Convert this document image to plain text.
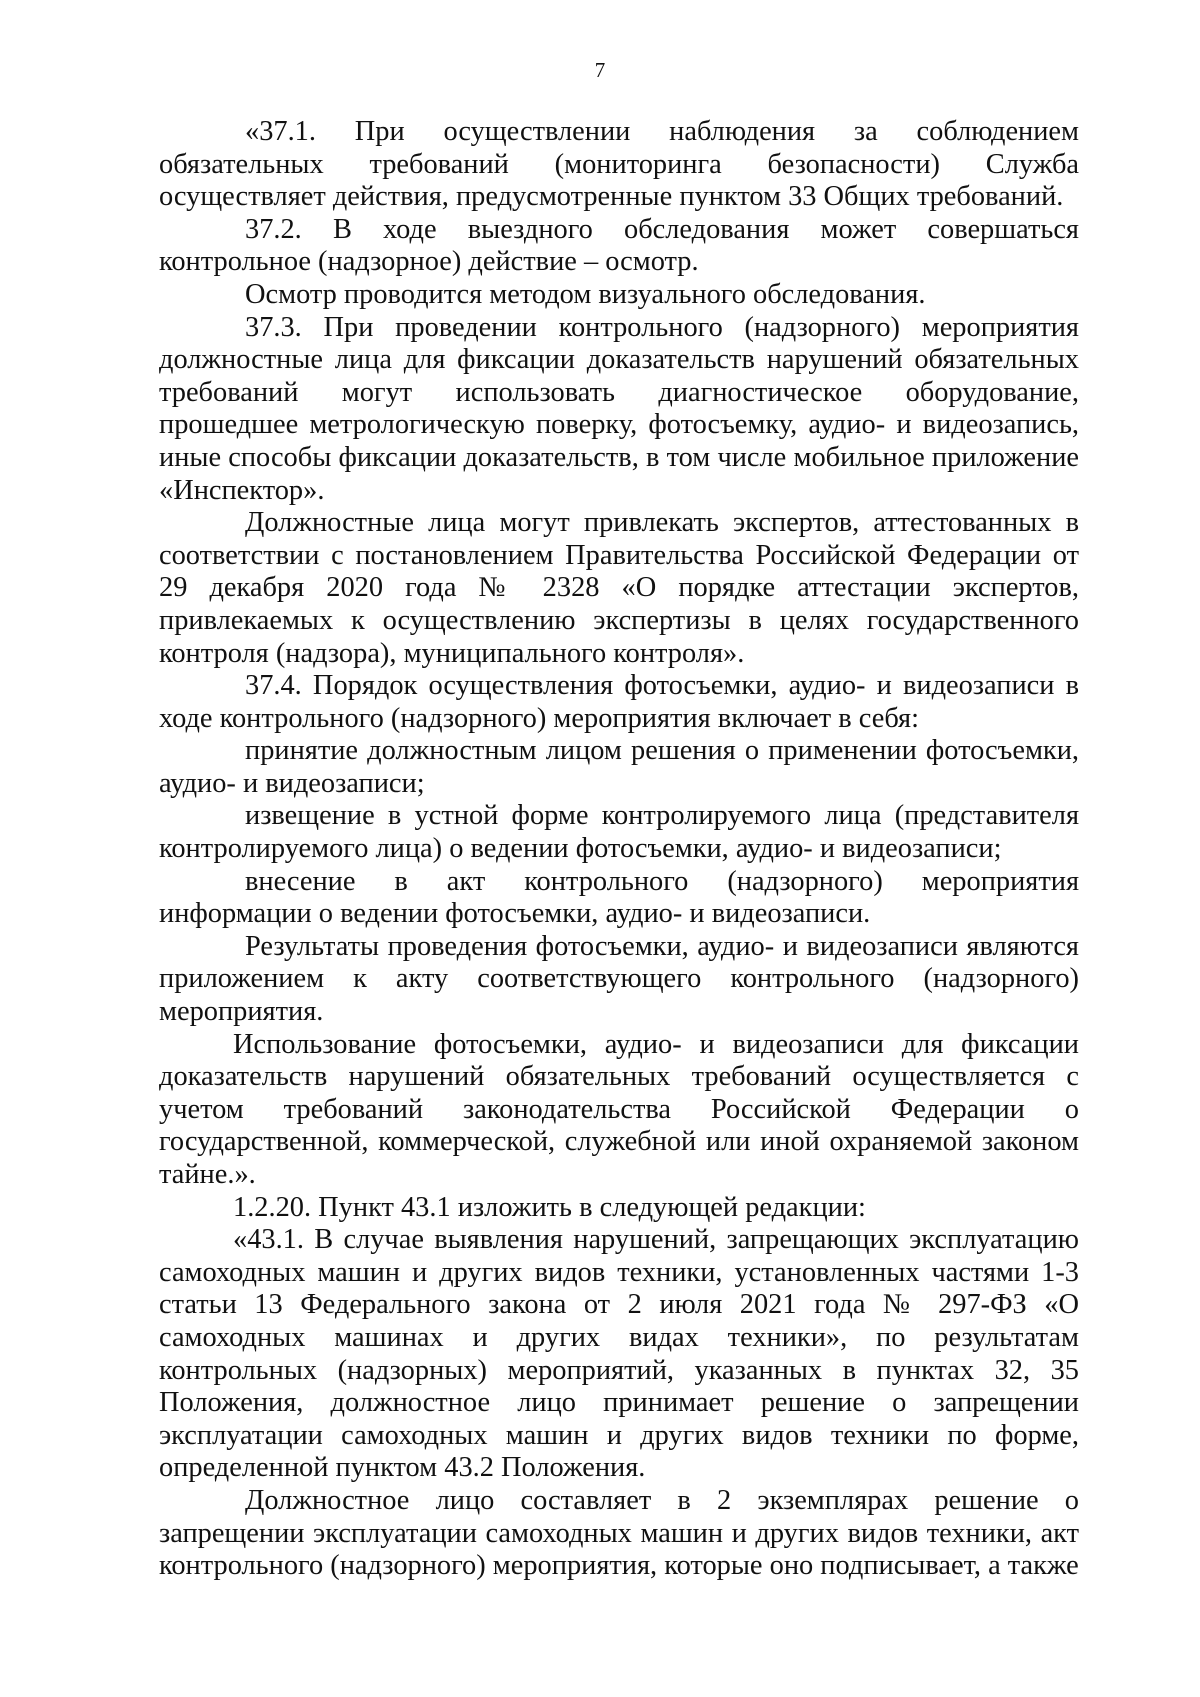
7

«37.1. При осуществлении наблюдения за соблюдением обязательных требований (мониторинга безопасности) Служба осуществляет действия, предусмотренные пунктом 33 Общих требований.

37.2. В ходе выездного обследования может совершаться контрольное (надзорное) действие – осмотр.

Осмотр проводится методом визуального обследования.

37.3. При проведении контрольного (надзорного) мероприятия должностные лица для фиксации доказательств нарушений обязательных требований могут использовать диагностическое оборудование, прошедшее метрологическую поверку, фотосъемку, аудио- и видеозапись, иные способы фиксации доказательств, в том числе мобильное приложение «Инспектор».

Должностные лица могут привлекать экспертов, аттестованных в соответствии с постановлением Правительства Российской Федерации от 29 декабря 2020 года № 2328 «О порядке аттестации экспертов, привлекаемых к осуществлению экспертизы в целях государственного контроля (надзора), муниципального контроля».

37.4. Порядок осуществления фотосъемки, аудио- и видеозаписи в ходе контрольного (надзорного) мероприятия включает в себя:

принятие должностным лицом решения о применении фотосъемки, аудио- и видеозаписи;

извещение в устной форме контролируемого лица (представителя контролируемого лица) о ведении фотосъемки, аудио- и видеозаписи;

внесение в акт контрольного (надзорного) мероприятия информации о ведении фотосъемки, аудио- и видеозаписи.

Результаты проведения фотосъемки, аудио- и видеозаписи являются приложением к акту соответствующего контрольного (надзорного) мероприятия.

Использование фотосъемки, аудио- и видеозаписи для фиксации доказательств нарушений обязательных требований осуществляется с учетом требований законодательства Российской Федерации о государственной, коммерческой, служебной или иной охраняемой законом тайне.».

1.2.20. Пункт 43.1 изложить в следующей редакции:

«43.1. В случае выявления нарушений, запрещающих эксплуатацию самоходных машин и других видов техники, установленных частями 1-3 статьи 13 Федерального закона от 2 июля 2021 года № 297-ФЗ «О самоходных машинах и других видах техники», по результатам контрольных (надзорных) мероприятий, указанных в пунктах 32, 35 Положения, должностное лицо принимает решение о запрещении эксплуатации самоходных машин и других видов техники по форме, определенной пунктом 43.2 Положения.

Должностное лицо составляет в 2 экземплярах решение о запрещении эксплуатации самоходных машин и других видов техники, акт контрольного (надзорного) мероприятия, которые оно подписывает, а также
